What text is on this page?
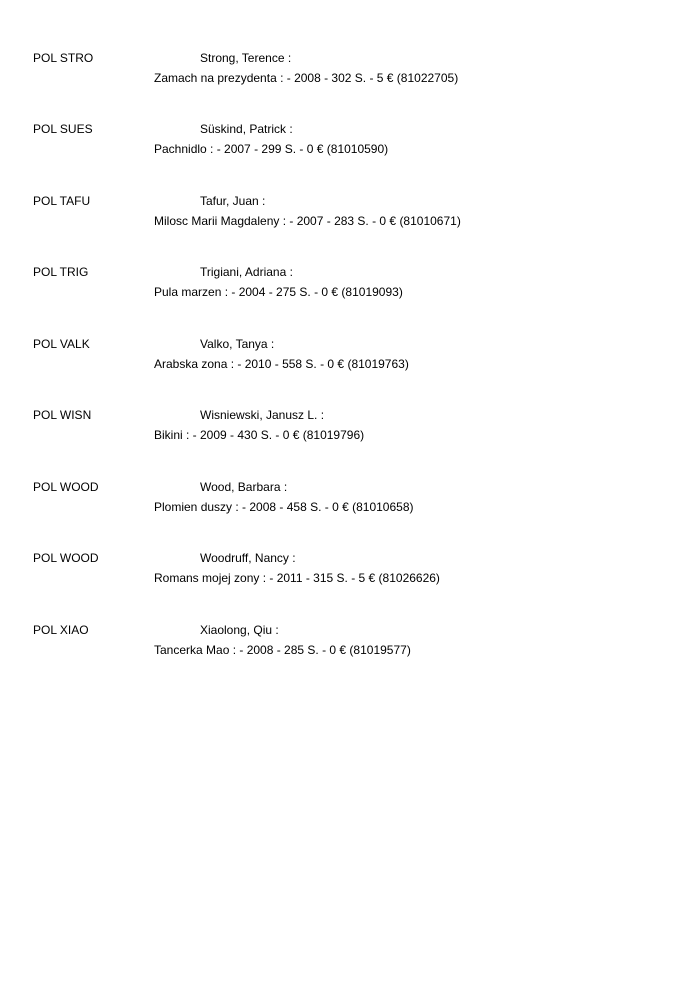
POL STRO	Strong, Terence :
Zamach na prezydenta : - 2008 - 302 S. - 5 € (81022705)
POL SUES	Süskind, Patrick :
Pachnidlo : - 2007 - 299 S. - 0 € (81010590)
POL TAFU	Tafur, Juan :
Milosc Marii Magdaleny : - 2007 - 283 S. - 0 € (81010671)
POL TRIG	Trigiani, Adriana :
Pula marzen : - 2004 - 275 S. - 0 € (81019093)
POL VALK	Valko, Tanya :
Arabska zona : - 2010 - 558 S. - 0 € (81019763)
POL WISN	Wisniewski, Janusz L. :
Bikini : - 2009 - 430 S. - 0 € (81019796)
POL WOOD	Wood, Barbara :
Plomien duszy : - 2008 - 458 S. - 0 € (81010658)
POL WOOD	Woodruff, Nancy :
Romans mojej zony : - 2011 - 315 S. - 5 € (81026626)
POL XIAO	Xiaolong, Qiu :
Tancerka Mao : - 2008 - 285 S. - 0 € (81019577)
